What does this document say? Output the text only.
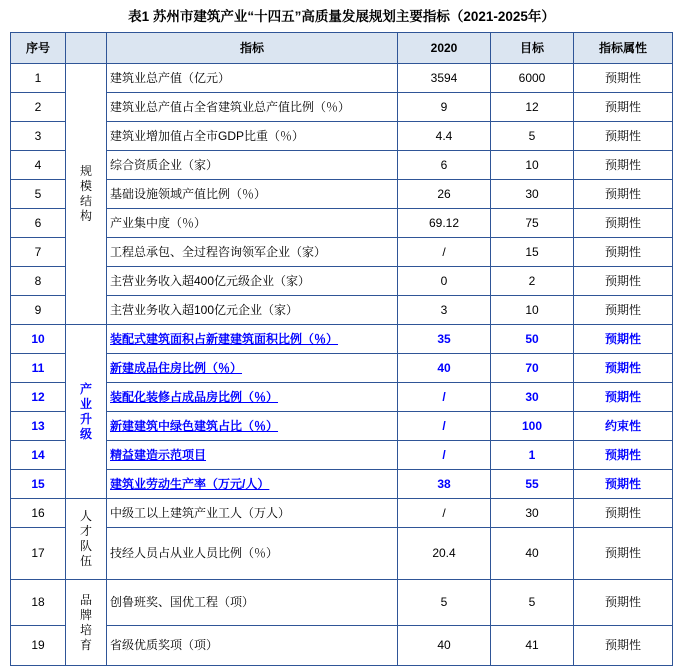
表1 苏州市建筑产业“十四五”高质量发展规划主要指标（2021-2025年）
序号		指标	2020	目标	指标属性
1	规模结构	建筑业总产值（亿元）	3594	6000	预期性
2		建筑业总产值占全省建筑业总产值比例（％）	9	12	预期性
3		建筑业增加值占全市GDP比重（％）	4.4	5	预期性
4		综合资质企业（家）	6	10	预期性
5		基础设施领域产值比例（％）	26	30	预期性
6		产业集中度（％）	69.12	75	预期性
7		工程总承包、全过程咨询领军企业（家）	/	15	预期性
8		主营业务收入超400亿元级企业（家）	0	2	预期性
9		主营业务收入超100亿元企业（家）	3	10	预期性
10	产业升级	装配式建筑面积占新建建筑面积比例（％）	35	50	预期性
11		新建成品住房比例（％）	40	70	预期性
12		装配化装修占成品房比例（％）	/	30	预期性
13		新建建筑中绿色建筑占比（％）	/	100	约束性
14		精益建造示范项目	/	1	预期性
15		建筑业劳动生产率（万元/人）	38	55	预期性
16	人才队伍	中级工以上建筑产业工人（万人）	/	30	预期性
17		技经人员占从业人员比例（％）	20.4	40	预期性
18	品牌培育	创鲁班奖、国优工程（项）	5	5	预期性
19		省级优质奖项（项）	40	41	预期性
